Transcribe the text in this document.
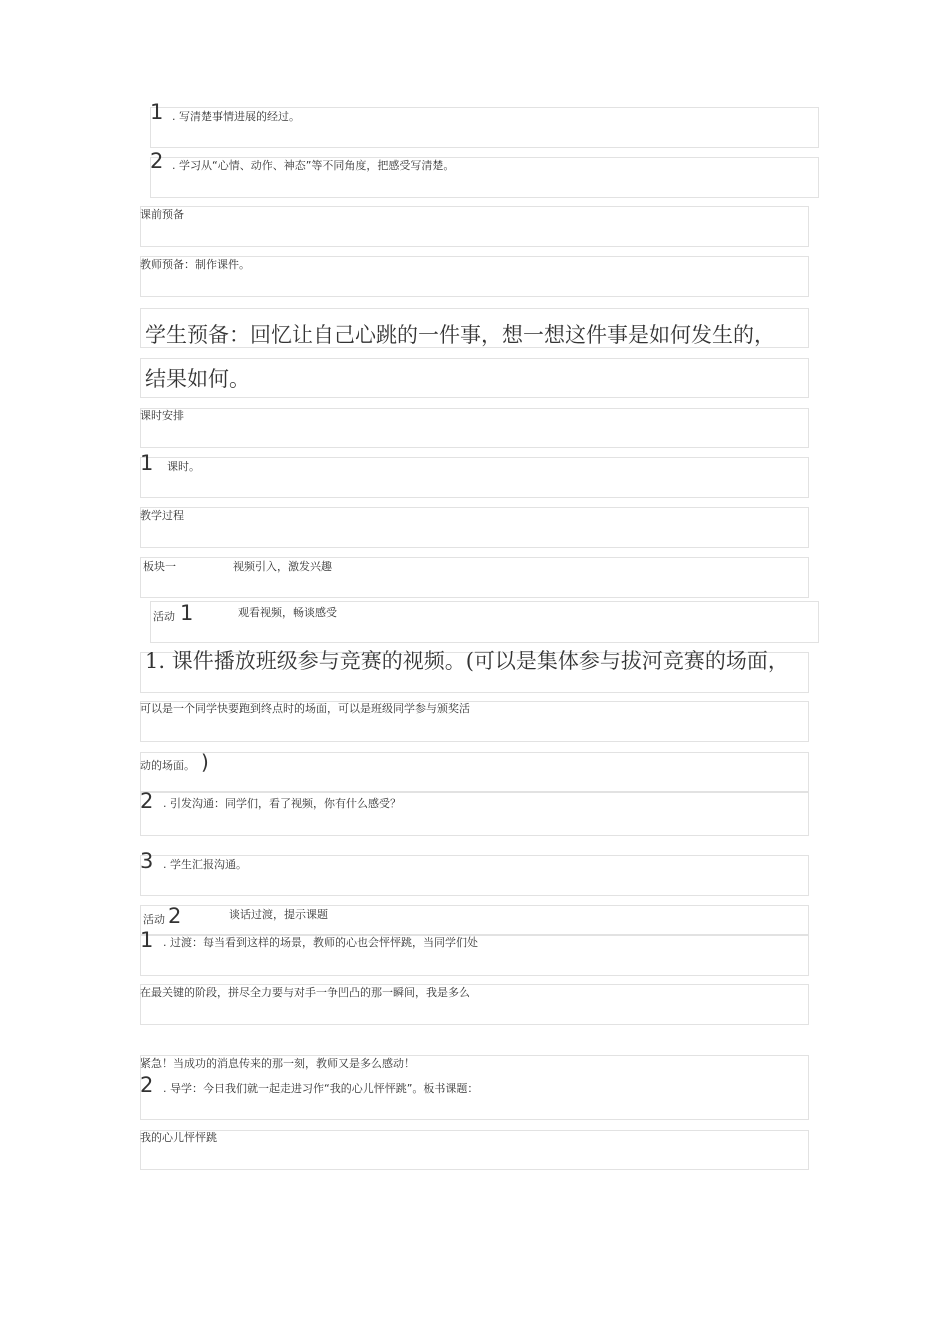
1 . 写清楚事情进展的经过。
2 . 学习从“心情、动作、神态”等不同角度，把感受写清楚。
课前预备
教师预备：制作课件。
学生预备：回忆让自己心跳的一件事，想一想这件事是如何发生的，
结果如何。
课时安排
1 课时。
教学过程
板块一	视频引入，激发兴趣
活动 1	观看视频，畅谈感受
1. 课件播放班级参与竞赛的视频。(可以是集体参与拔河竞赛的场面，
可以是一个同学快要跑到终点时的场面，可以是班级同学参与颁奖活
动的场面。 )
2 . 引发沟通：同学们，看了视频，你有什么感受？
3 . 学生汇报沟通。
活动 2	谈话过渡，提示课题
1 . 过渡：每当看到这样的场景，教师的心也会怦怦跳，当同学们处
在最关键的阶段，拼尽全力要与对手一争凹凸的那一瞬间，我是多么
紧急！当成功的消息传来的那一刻，教师又是多么感动！
2 . 导学：今日我们就一起走进习作“我的心儿怦怦跳”。板书课题：
我的心儿怦怦跳
